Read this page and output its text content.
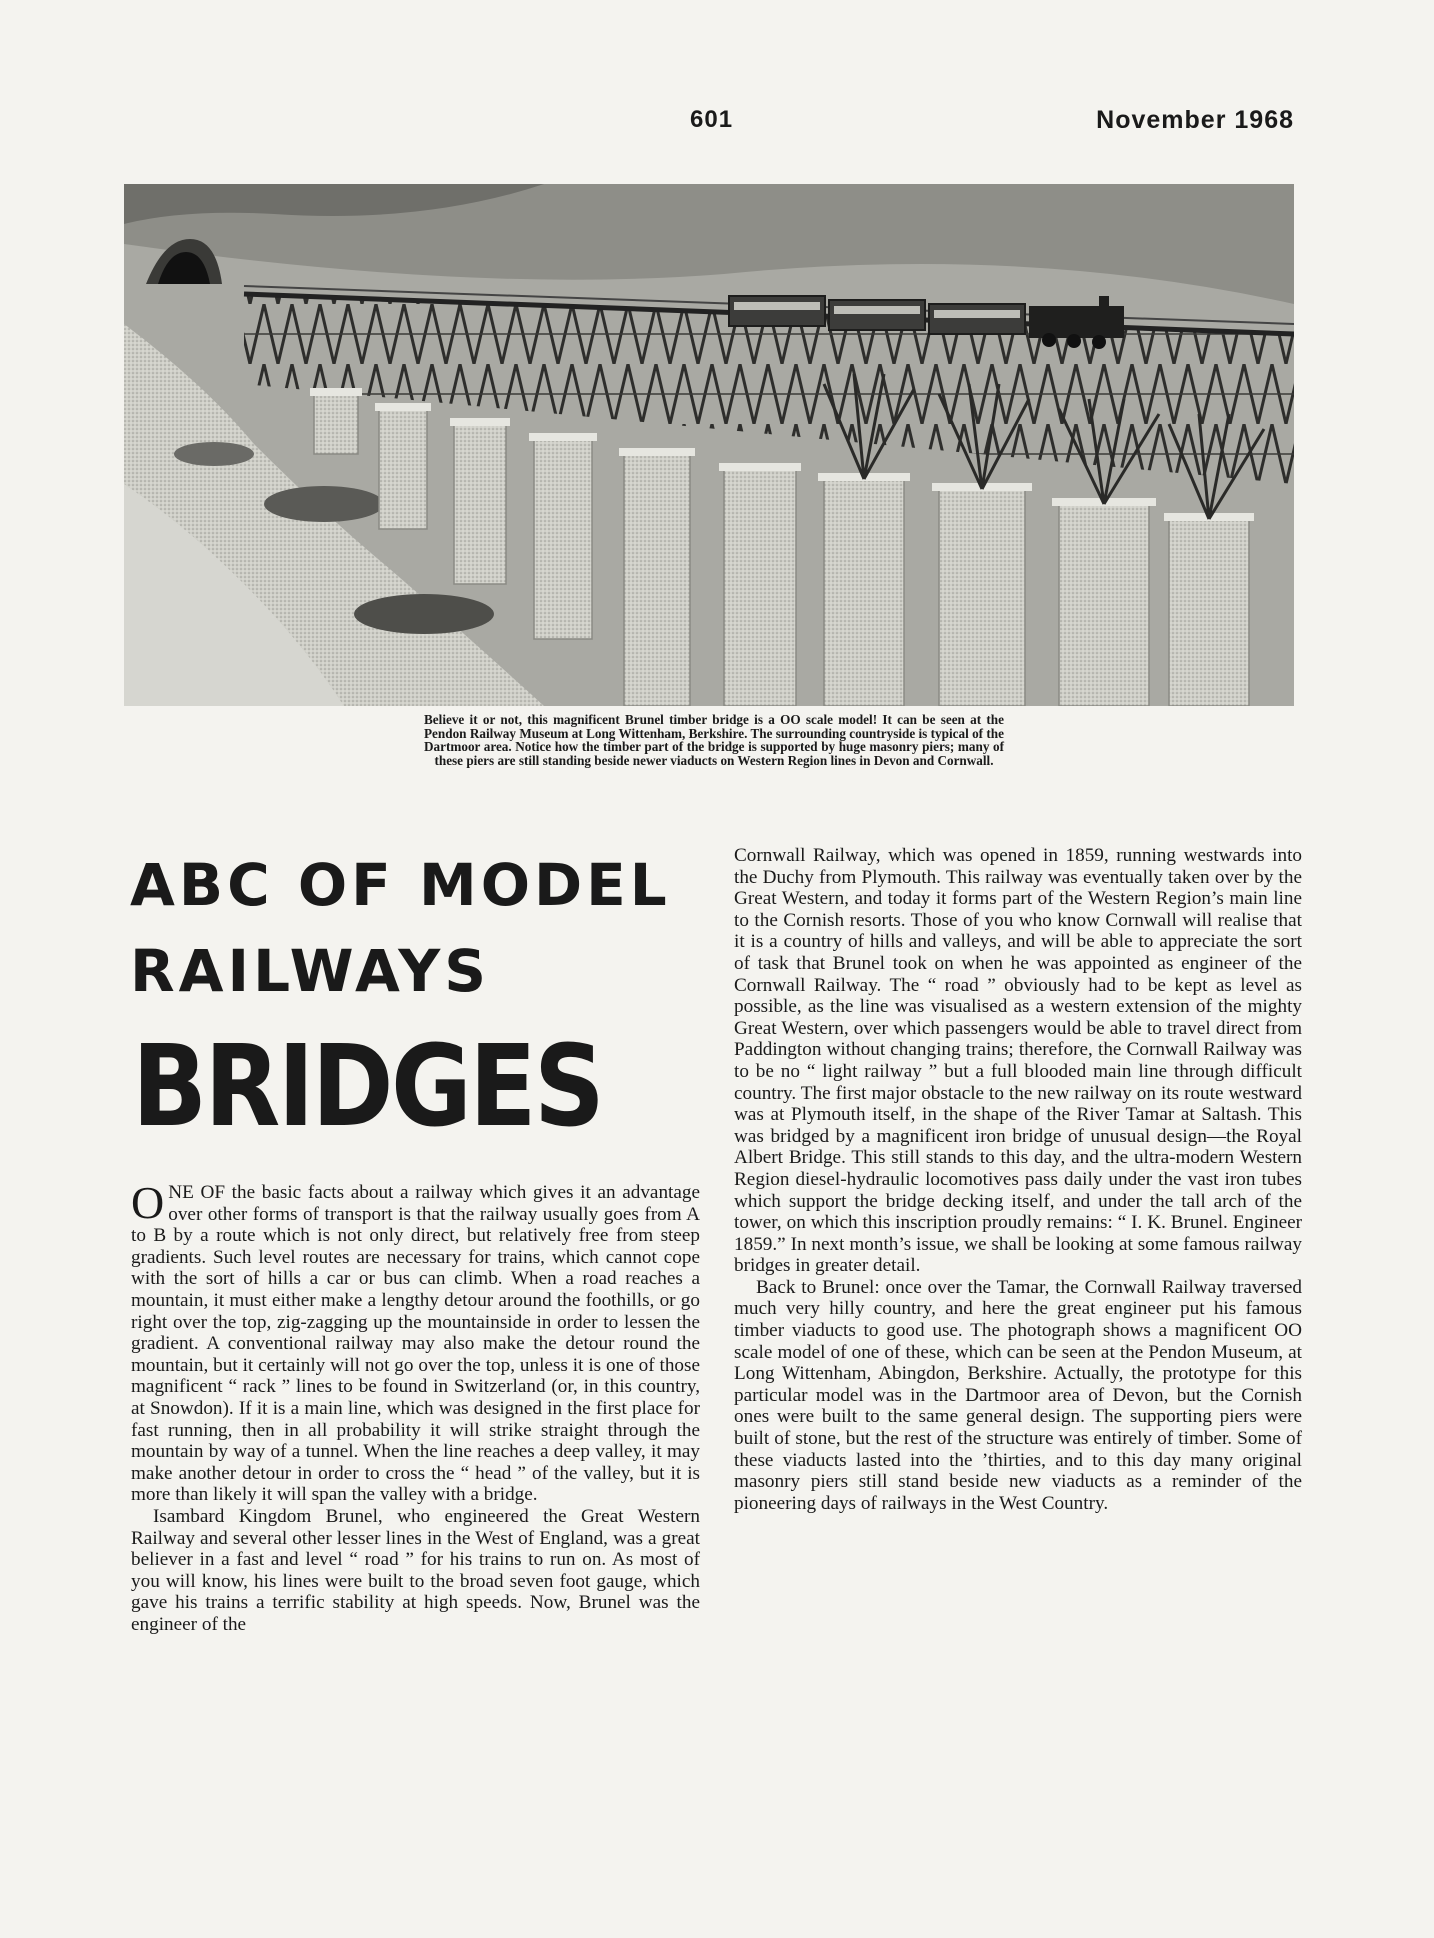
601	November 1968
Believe it or not, this magnificent Brunel timber bridge is a OO scale model! It can be seen at the Pendon Railway Museum at Long Wittenham, Berkshire. The surrounding countryside is typical of the Dartmoor area. Notice how the timber part of the bridge is supported by huge masonry piers; many of these piers are still standing beside newer viaducts on Western Region lines in Devon and Cornwall.
ABC OF MODEL RAILWAYS
BRIDGES

ONE OF the basic facts about a railway which gives it an advantage over other forms of transport is that the railway usually goes from A to B by a route which is not only direct, but relatively free from steep gradients. Such level routes are necessary for trains, which cannot cope with the sort of hills a car or bus can climb. When a road reaches a mountain, it must either make a lengthy detour around the foothills, or go right over the top, zig-zagging up the mountainside in order to lessen the gradient. A conventional railway may also make the detour round the mountain, but it certainly will not go over the top, unless it is one of those magnificent “ rack ” lines to be found in Switzerland (or, in this country, at Snowdon). If it is a main line, which was designed in the first place for fast running, then in all probability it will strike straight through the mountain by way of a tunnel. When the line reaches a deep valley, it may make another detour in order to cross the “ head ” of the valley, but it is more than likely it will span the valley with a bridge.

Isambard Kingdom Brunel, who engineered the Great Western Railway and several other lesser lines in the West of England, was a great believer in a fast and level “ road ” for his trains to run on. As most of you will know, his lines were built to the broad seven foot gauge, which gave his trains a terrific stability at high speeds. Now, Brunel was the engineer of the

Cornwall Railway, which was opened in 1859, running westwards into the Duchy from Plymouth. This railway was eventually taken over by the Great Western, and today it forms part of the Western Region’s main line to the Cornish resorts. Those of you who know Cornwall will realise that it is a country of hills and valleys, and will be able to appreciate the sort of task that Brunel took on when he was appointed as engineer of the Cornwall Railway. The “ road ” obviously had to be kept as level as possible, as the line was visualised as a western extension of the mighty Great Western, over which passengers would be able to travel direct from Paddington without changing trains; therefore, the Cornwall Railway was to be no “ light railway ” but a full blooded main line through difficult country. The first major obstacle to the new railway on its route westward was at Plymouth itself, in the shape of the River Tamar at Saltash. This was bridged by a magnificent iron bridge of unusual design—the Royal Albert Bridge. This still stands to this day, and the ultra-modern Western Region diesel-hydraulic locomotives pass daily under the vast iron tubes which support the bridge decking itself, and under the tall arch of the tower, on which this inscription proudly remains: “ I. K. Brunel. Engineer 1859.” In next month’s issue, we shall be looking at some famous railway bridges in greater detail.

Back to Brunel: once over the Tamar, the Cornwall Railway traversed much very hilly country, and here the great engineer put his famous timber viaducts to good use. The photograph shows a magnificent OO scale model of one of these, which can be seen at the Pendon Museum, at Long Wittenham, Abingdon, Berkshire. Actually, the prototype for this particular model was in the Dartmoor area of Devon, but the Cornish ones were built to the same general design. The supporting piers were built of stone, but the rest of the structure was entirely of timber. Some of these viaducts lasted into the ’thirties, and to this day many original masonry piers still stand beside new viaducts as a reminder of the pioneering days of railways in the West Country.
